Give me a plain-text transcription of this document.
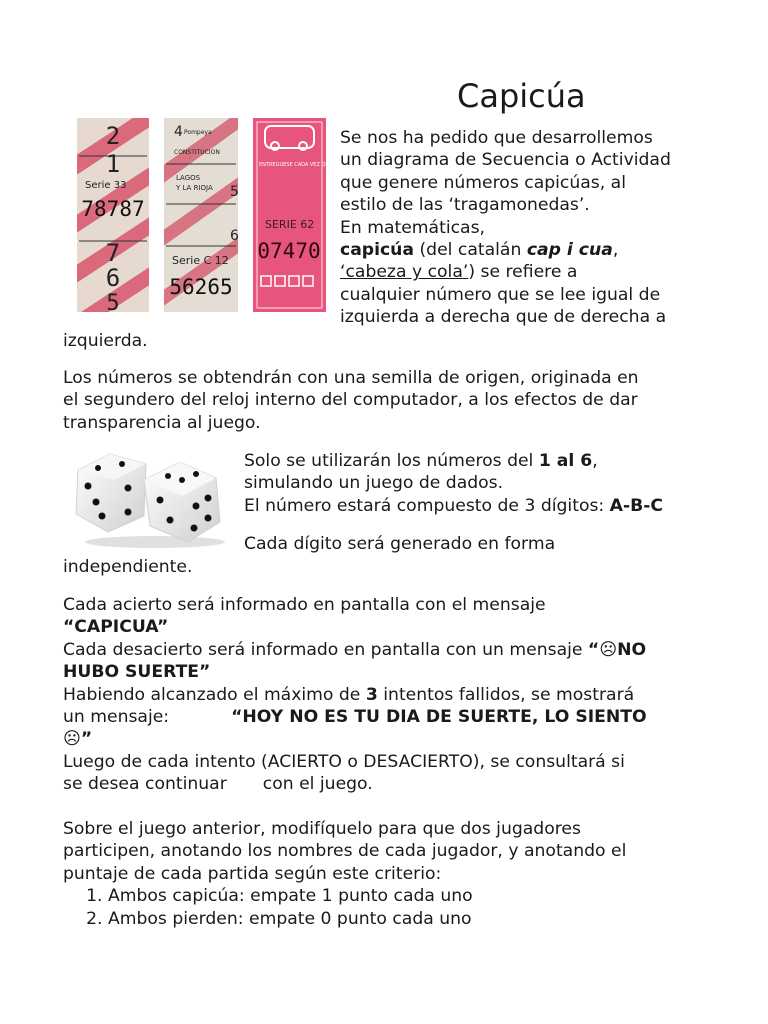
Capicúa
2
1
Serie 33
78787
7
6
5
4 Pompeya
CONSTITUCION
5
LAGOS
Y LA RIOJA
6
Serie C 12
56265
ENTREGUESE CADA VEZ QUE SE SOLICITE
SERIE 62
07470
Se nos ha pedido que desarrollemos
un diagrama de Secuencia o Actividad
que genere números capicúas, al
estilo de las ‘tragamonedas’.
En matemáticas,
capicúa (del catalán cap i cua,
‘cabeza y cola’) se refiere a
cualquier número que se lee igual de
izquierda a derecha que de derecha a

izquierda.

Los números se obtendrán con una semilla de origen, originada en
el segundero del reloj interno del computador, a los efectos de dar
transparencia al juego.
Solo se utilizarán los números del 1 al 6,
simulando un juego de dados.
El número estará compuesto de 3 dígitos: A-B-C

Cada dígito será generado en forma

independiente.

Cada acierto será informado en pantalla con el mensaje
“CAPICUA”
Cada desacierto será informado en pantalla con un mensaje “☹NO
HUBO SUERTE”
Habiendo alcanzado el máximo de 3 intentos fallidos, se mostrará
un mensaje:	“HOY NO ES TU DIA DE SUERTE, LO SIENTO
☹”
Luego de cada intento (ACIERTO o DESACIERTO), se consultará si
se desea continuar con el juego.
Sobre el juego anterior, modifíquelo para que dos jugadores
participen, anotando los nombres de cada jugador, y anotando el
puntaje de cada partida según este criterio:
1. Ambos capicúa: empate 1 punto cada uno
2. Ambos pierden: empate 0 punto cada uno
